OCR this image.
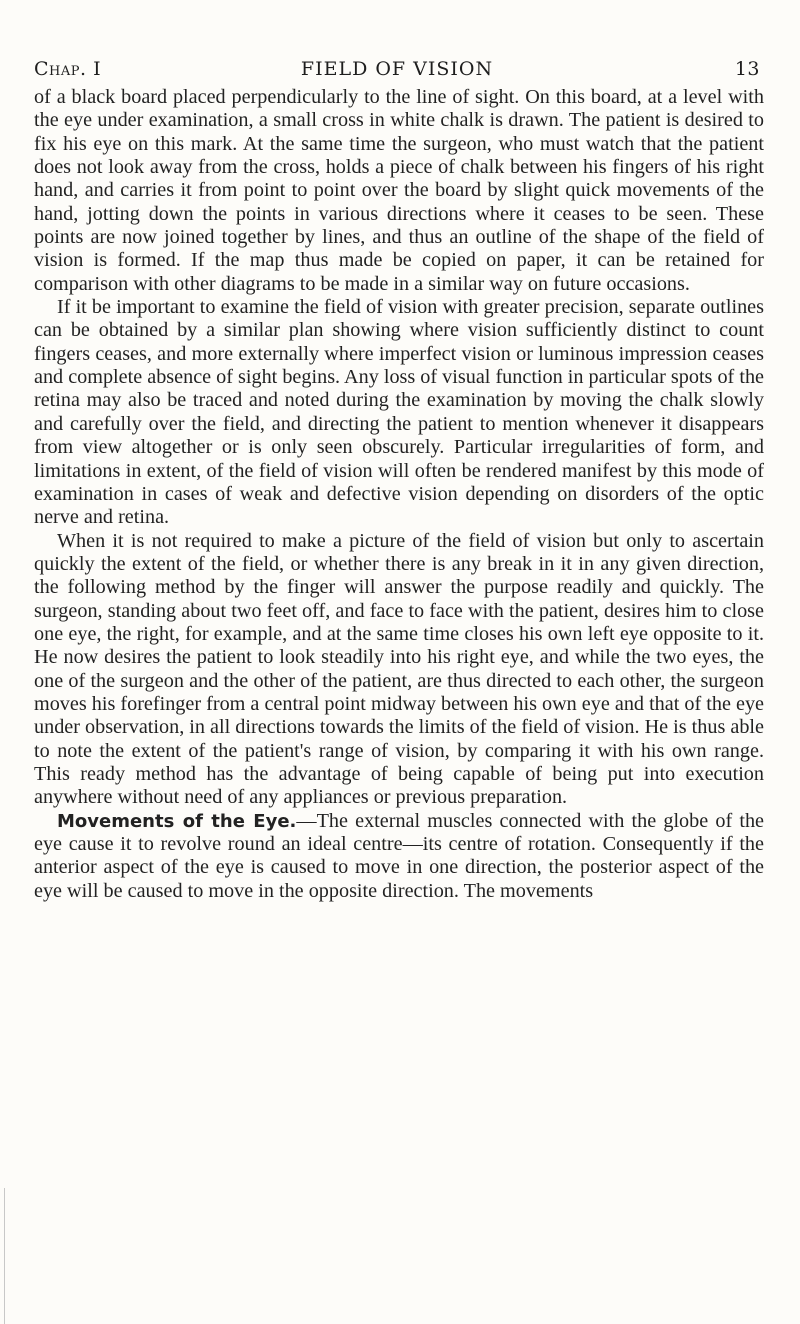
Chap. I	FIELD OF VISION	13

of a black board placed perpendicularly to the line of sight. On this board, at a level with the eye under examination, a small cross in white chalk is drawn. The patient is desired to fix his eye on this mark. At the same time the surgeon, who must watch that the patient does not look away from the cross, holds a piece of chalk between his fingers of his right hand, and carries it from point to point over the board by slight quick movements of the hand, jotting down the points in various directions where it ceases to be seen. These points are now joined together by lines, and thus an outline of the shape of the field of vision is formed. If the map thus made be copied on paper, it can be retained for comparison with other diagrams to be made in a similar way on future occasions.

If it be important to examine the field of vision with greater precision, separate outlines can be obtained by a similar plan showing where vision sufficiently distinct to count fingers ceases, and more externally where imperfect vision or luminous impression ceases and complete absence of sight begins. Any loss of visual function in particular spots of the retina may also be traced and noted during the examination by moving the chalk slowly and carefully over the field, and directing the patient to mention whenever it disappears from view altogether or is only seen obscurely. Particular irregularities of form, and limitations in extent, of the field of vision will often be rendered manifest by this mode of examination in cases of weak and defective vision depending on disorders of the optic nerve and retina.

When it is not required to make a picture of the field of vision but only to ascertain quickly the extent of the field, or whether there is any break in it in any given direction, the following method by the finger will answer the purpose readily and quickly. The surgeon, standing about two feet off, and face to face with the patient, desires him to close one eye, the right, for example, and at the same time closes his own left eye opposite to it. He now desires the patient to look steadily into his right eye, and while the two eyes, the one of the surgeon and the other of the patient, are thus directed to each other, the surgeon moves his forefinger from a central point midway between his own eye and that of the eye under observation, in all directions towards the limits of the field of vision. He is thus able to note the extent of the patient's range of vision, by comparing it with his own range. This ready method has the advantage of being capable of being put into execution anywhere without need of any appliances or previous preparation.

Movements of the Eye.—The external muscles connected with the globe of the eye cause it to revolve round an ideal centre—its centre of rotation. Consequently if the anterior aspect of the eye is caused to move in one direction, the posterior aspect of the eye will be caused to move in the opposite direction. The movements
